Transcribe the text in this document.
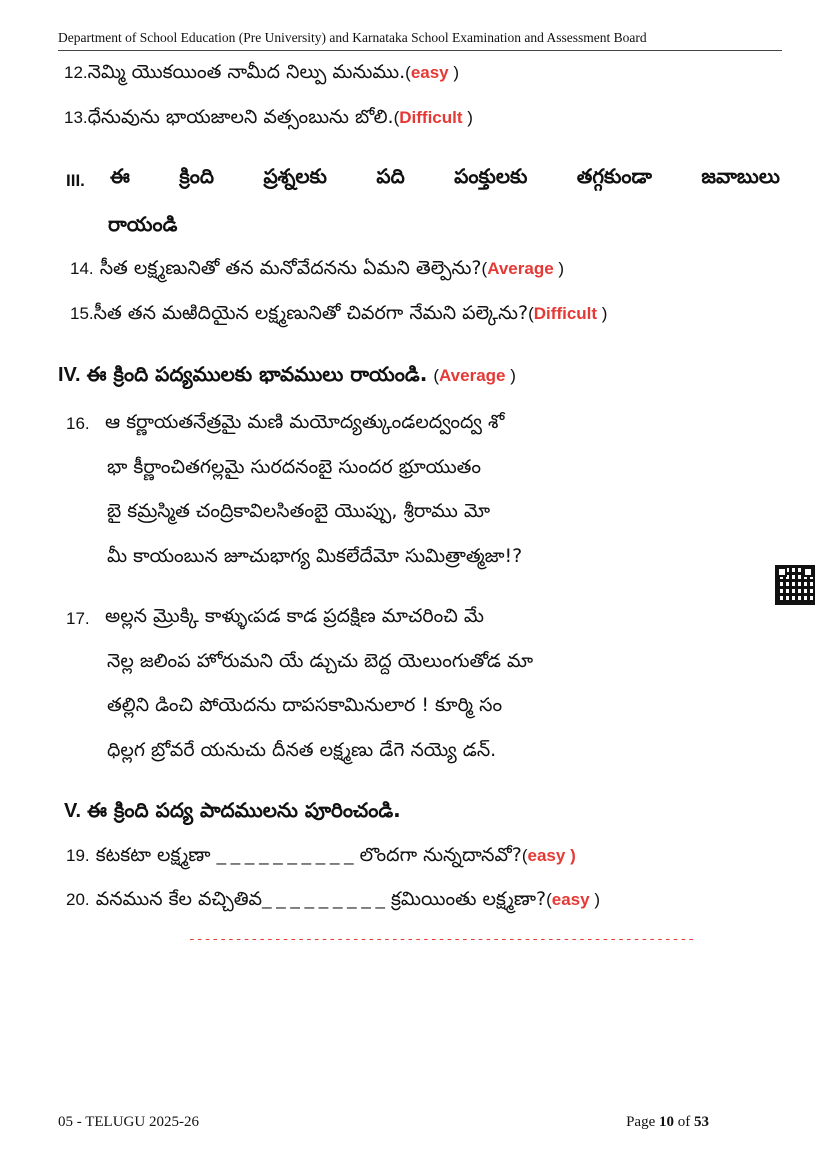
Department of School Education (Pre University) and Karnataka School Examination and Assessment Board
12.నెమ్మి యొకయింత నామీద నిల్పు మనుము.(easy )
13.ధేనువును భాయజాలని వత్సంబును బోలి.(Difficult )
III. ఈ క్రింది ప్రశ్నలకు పది పంక్తులకు తగ్గకుండా జవాబులు
రాయండి
14. సీత లక్ష్మణునితో తన మనోవేదనను ఏమని తెల్పెను?(Average )
15.సీత తన మఱిదియైన లక్ష్మణునితో చివరగా నేమని పల్కెను?(Difficult )
IV. ఈ క్రింది పద్యములకు భావములు రాయండి. (Average )
16. ఆ కర్ణాయతనేత్రమై మణి మయోద్యత్కుండలద్వంద్వ శో
భా కీర్ణాంచితగల్లమై సురదనంబై సుందర భ్రూయుతం
బై కమ్రస్మిత చంద్రికావిలసితంబై యొప్పు, శ్రీరాము మో
మీ కాయంబున జూచుభాగ్య మికలేదేమో సుమిత్రాత్మజా!?
17. అల్లన మ్రొక్కి కాళ్ళుఁపడ కాడ ప్రదక్షిణ మాచరించి మే
నెల్ల జలింప హోరుమని యే డ్చుచు బెద్ద యెలుంగుతోడ మా
తల్లిని డించి పోయెదను దాపసకామినులార ! కూర్మి సం
ధిల్లగ బ్రోవరే యనుచు దీనత లక్ష్మణు డేగె నయ్యె డన్.
V. ఈ క్రింది పద్య పాదములను పూరించండి.
19. కటకటా లక్ష్మణా _ _ _ _ _ _ _ _ _ _ లొందగా నున్నదానవో?(easy )
20. వనమున కేల వచ్చితివ_ _ _ _ _ _ _ _ _ క్రమియింతు లక్ష్మణా?(easy )
-----------------------------------------------------------------
05 - TELUGU 2025-26	Page 10 of 53
